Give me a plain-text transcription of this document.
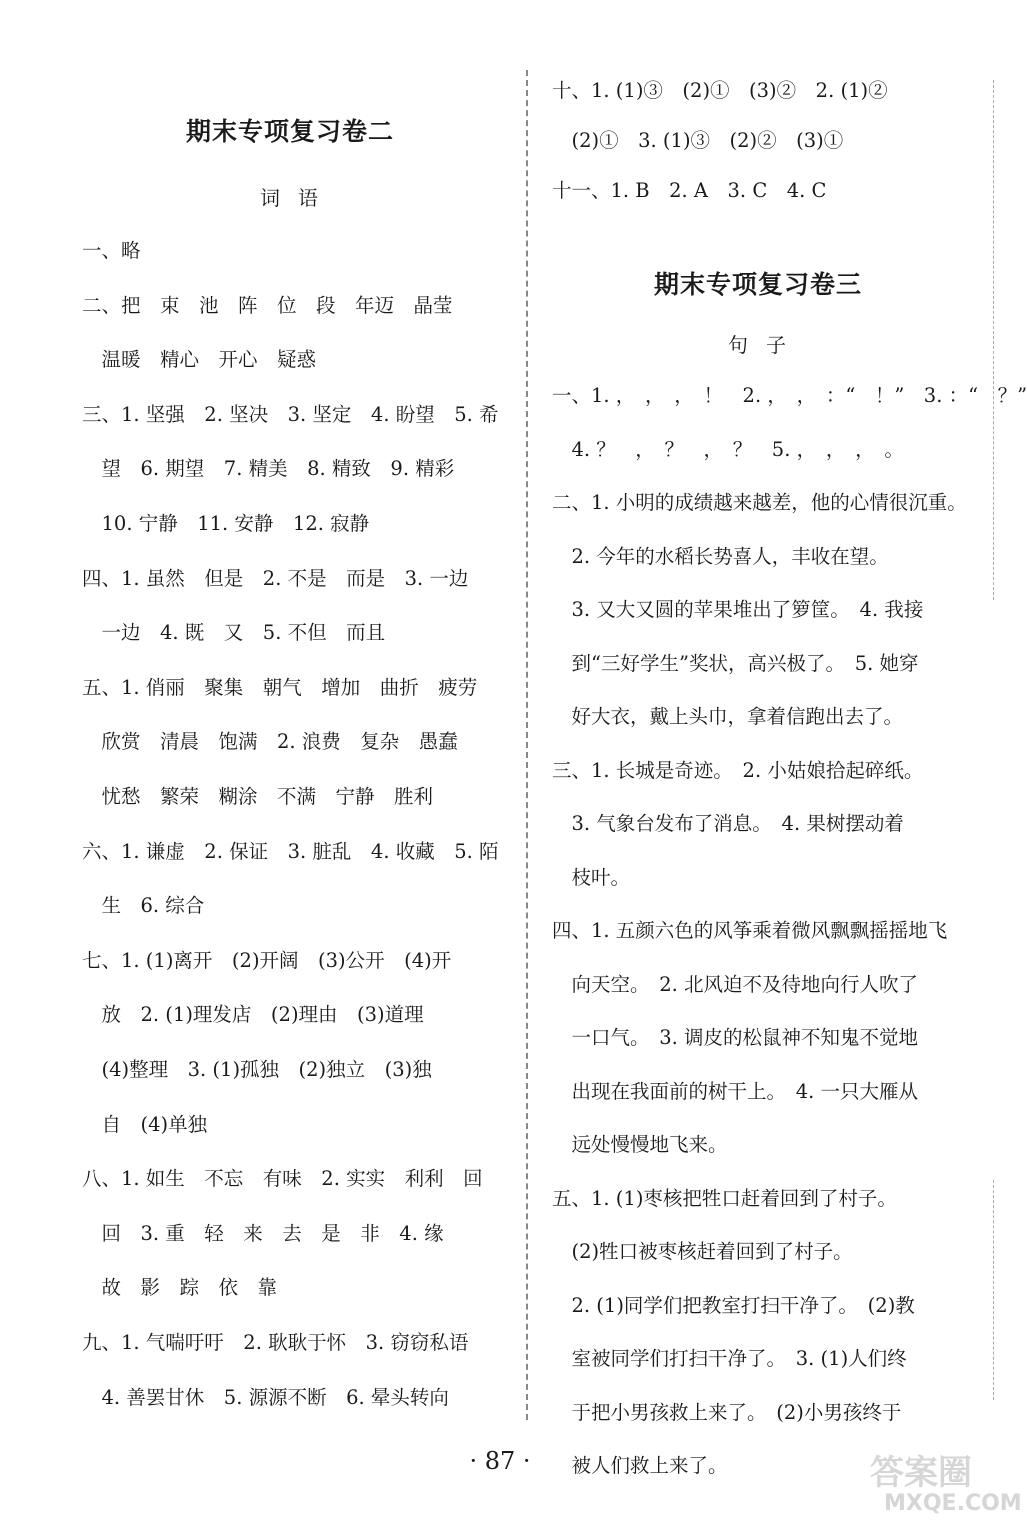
期末专项复习卷二
词语
一、略
二、把　束　池　阵　位　段　年迈　晶莹
　温暖　精心　开心　疑惑
三、1. 坚强　2. 坚决　3. 坚定　4. 盼望　5. 希
　望　6. 期望　7. 精美　8. 精致　9. 精彩
　10. 宁静　11. 安静　12. 寂静
四、1. 虽然　但是　2. 不是　而是　3. 一边
　一边　4. 既　又　5. 不但　而且
五、1. 俏丽　聚集　朝气　增加　曲折　疲劳
　欣赏　清晨　饱满　2. 浪费　复杂　愚蠢
　忧愁　繁荣　糊涂　不满　宁静　胜利
六、1. 谦虚　2. 保证　3. 脏乱　4. 收藏　5. 陌
　生　6. 综合
七、1. (1)离开　(2)开阔　(3)公开　(4)开
　放　2. (1)理发店　(2)理由　(3)道理
　(4)整理　3. (1)孤独　(2)独立　(3)独
　自　(4)单独
八、1. 如生　不忘　有味　2. 实实　利利　回
　回　3. 重　轻　来　去　是　非　4. 缘
　故　影　踪　依　靠
九、1. 气喘吁吁　2. 耿耿于怀　3. 窃窃私语
　4. 善罢甘休　5. 源源不断　6. 晕头转向
十、1. (1)③　(2)①　(3)②　2. (1)②
　(2)①　3. (1)③　(2)②　(3)①
十一、1. B　2. A　3. C　4. C
期末专项复习卷三
句子
一、1. ，　，　，　！　2. ，　，　：“　！”　3. ：“　？”
　4. ？　，　？　，　？　5. ，　，　，　。
二、1. 小明的成绩越来越差，他的心情很沉重。
　2. 今年的水稻长势喜人，丰收在望。
　3. 又大又圆的苹果堆出了箩筐。　4. 我接
　到“三好学生”奖状，高兴极了。　5. 她穿
　好大衣，戴上头巾，拿着信跑出去了。
三、1. 长城是奇迹。　2. 小姑娘拾起碎纸。
　3. 气象台发布了消息。　4. 果树摆动着
　枝叶。
四、1. 五颜六色的风筝乘着微风飘飘摇摇地飞
　向天空。　2. 北风迫不及待地向行人吹了
　一口气。　3. 调皮的松鼠神不知鬼不觉地
　出现在我面前的树干上。　4. 一只大雁从
　远处慢慢地飞来。
五、1. (1)枣核把牲口赶着回到了村子。
　(2)牲口被枣核赶着回到了村子。
　2. (1)同学们把教室打扫干净了。　(2)教
　室被同学们打扫干净了。　3. (1)人们终
　于把小男孩救上来了。　(2)小男孩终于
　被人们救上来了。
· 87 ·	答案圈
MXQE.COM
